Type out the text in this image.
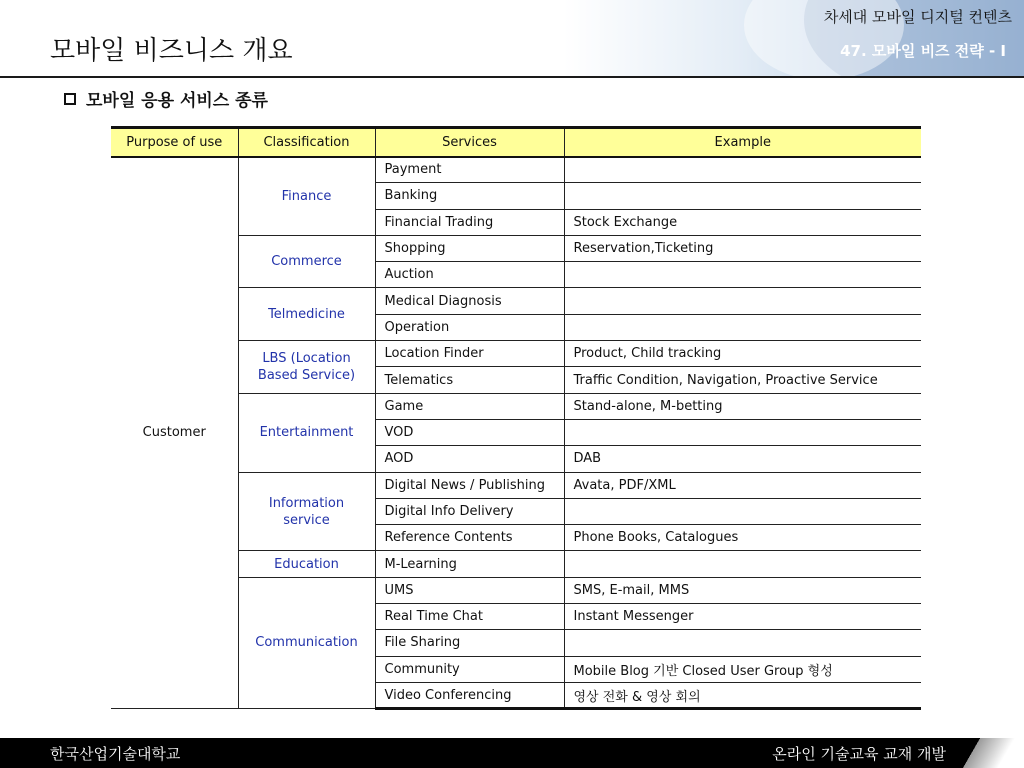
모바일 비즈니스 개요
차세대 모바일 디지털 컨텐츠
47. 모바일 비즈 전략 - I
모바일 응용 서비스 종류
Purpose of use	Classification	Services	Example
Customer	Finance	Payment	
		Banking	
		Financial Trading	Stock Exchange
	Commerce	Shopping	Reservation,Ticketing
		Auction	
	Telmedicine	Medical Diagnosis	
		Operation	
	LBS (Location Based Service)	Location Finder	Product, Child tracking
		Telematics	Traffic Condition, Navigation, Proactive Service
	Entertainment	Game	Stand-alone, M-betting
		VOD	
		AOD	DAB
	Information service	Digital News / Publishing	Avata, PDF/XML
		Digital Info Delivery	
		Reference Contents	Phone Books, Catalogues
	Education	M-Learning	
	Communication	UMS	SMS, E-mail, MMS
		Real Time Chat	Instant Messenger
		File Sharing	
		Community	Mobile Blog 기반 Closed User Group 형성
		Video Conferencing	영상 전화 & 영상 회의
한국산업기술대학교	온라인 기술교육 교재 개발
